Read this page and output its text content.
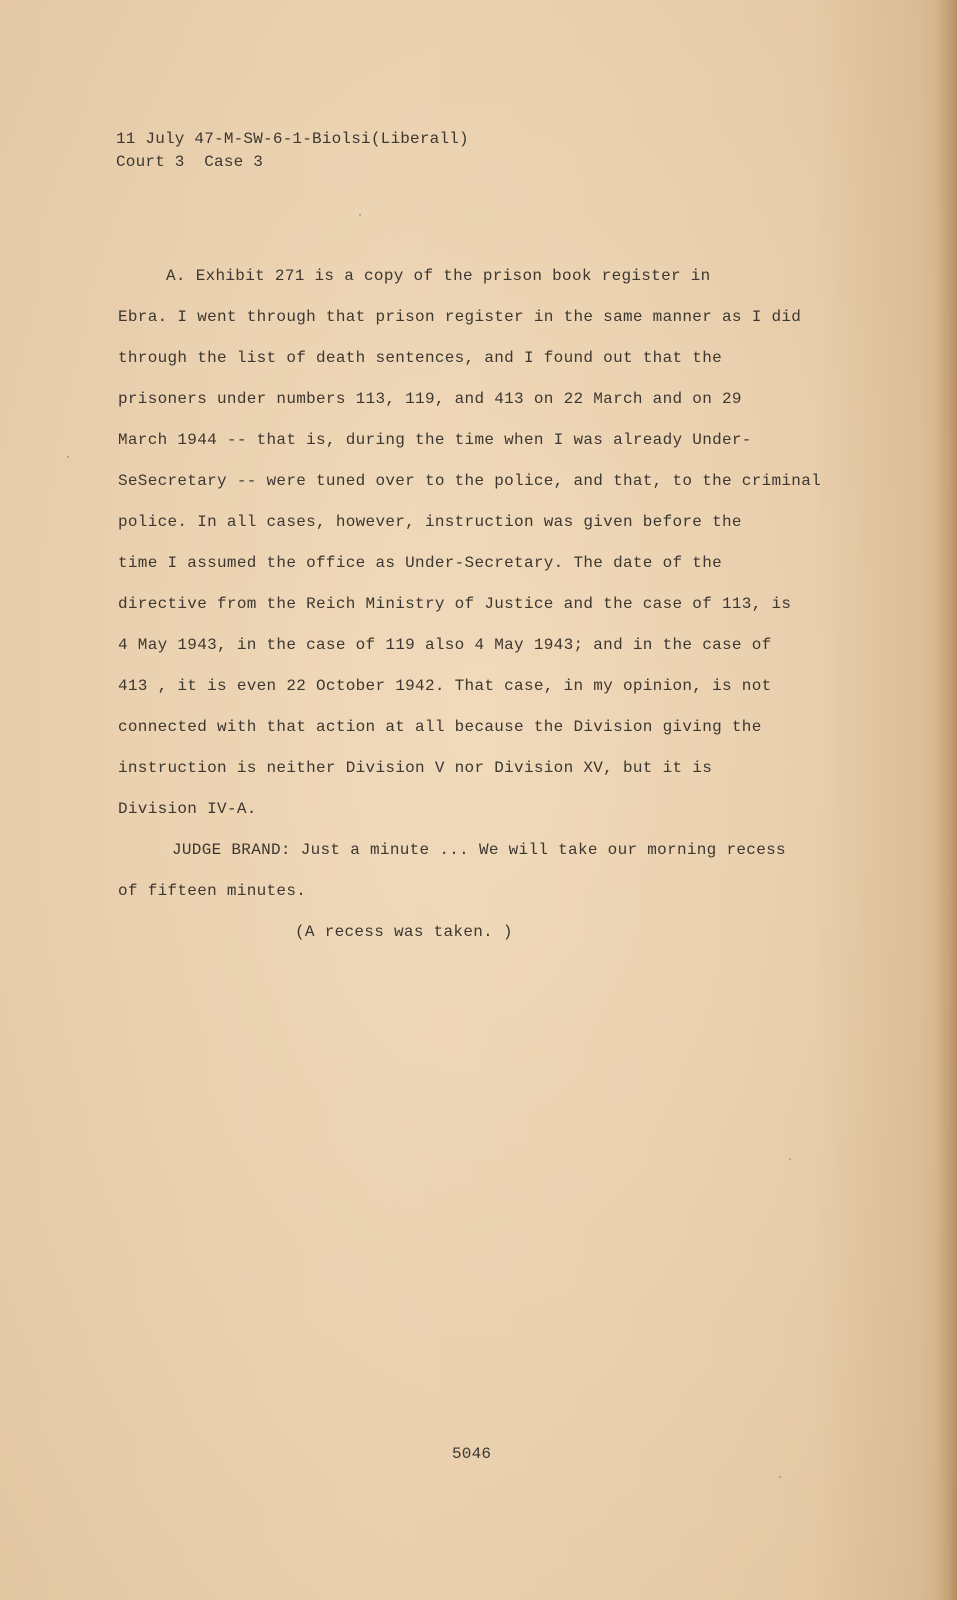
11 July 47-M-SW-6-1-Biolsi(Liberall)
Court 3  Case 3
A. Exhibit 271 is a copy of the prison book register in
Ebra. I went through that prison register in the same manner as I did
through the list of death sentences, and I found out that the
prisoners under numbers 113, 119, and 413 on 22 March and on 29
March 1944 -- that is, during the time when I was already Under-
SeSecretary -- were tuned over to the police, and that, to the criminal
police. In all cases, however, instruction was given before the
time I assumed the office as Under-Secretary. The date of the
directive from the Reich Ministry of Justice and the case of 113, is
4 May 1943, in the case of 119 also 4 May 1943; and in the case of
413 , it is even 22 October 1942. That case, in my opinion, is not
connected with that action at all because the Division giving the
instruction is neither Division V nor Division XV, but it is
Division IV-A.
JUDGE BRAND: Just a minute ... We will take our morning recess
of fifteen minutes.
(A recess was taken. )
5046
